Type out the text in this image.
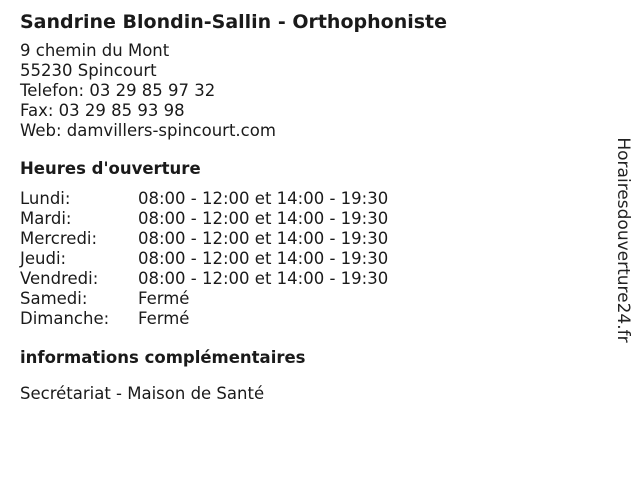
Sandrine Blondin-Sallin - Orthophoniste
9 chemin du Mont
55230 Spincourt
Telefon: 03 29 85 97 32
Fax: 03 29 85 93 98
Web: damvillers-spincourt.com
Heures d'ouverture
Lundi:	08:00 - 12:00 et 14:00 - 19:30
Mardi:	08:00 - 12:00 et 14:00 - 19:30
Mercredi:	08:00 - 12:00 et 14:00 - 19:30
Jeudi:	08:00 - 12:00 et 14:00 - 19:30
Vendredi:	08:00 - 12:00 et 14:00 - 19:30
Samedi:	Fermé
Dimanche:	Fermé
informations complémentaires
Secrétariat - Maison de Santé
Horairesdouverture24.fr
